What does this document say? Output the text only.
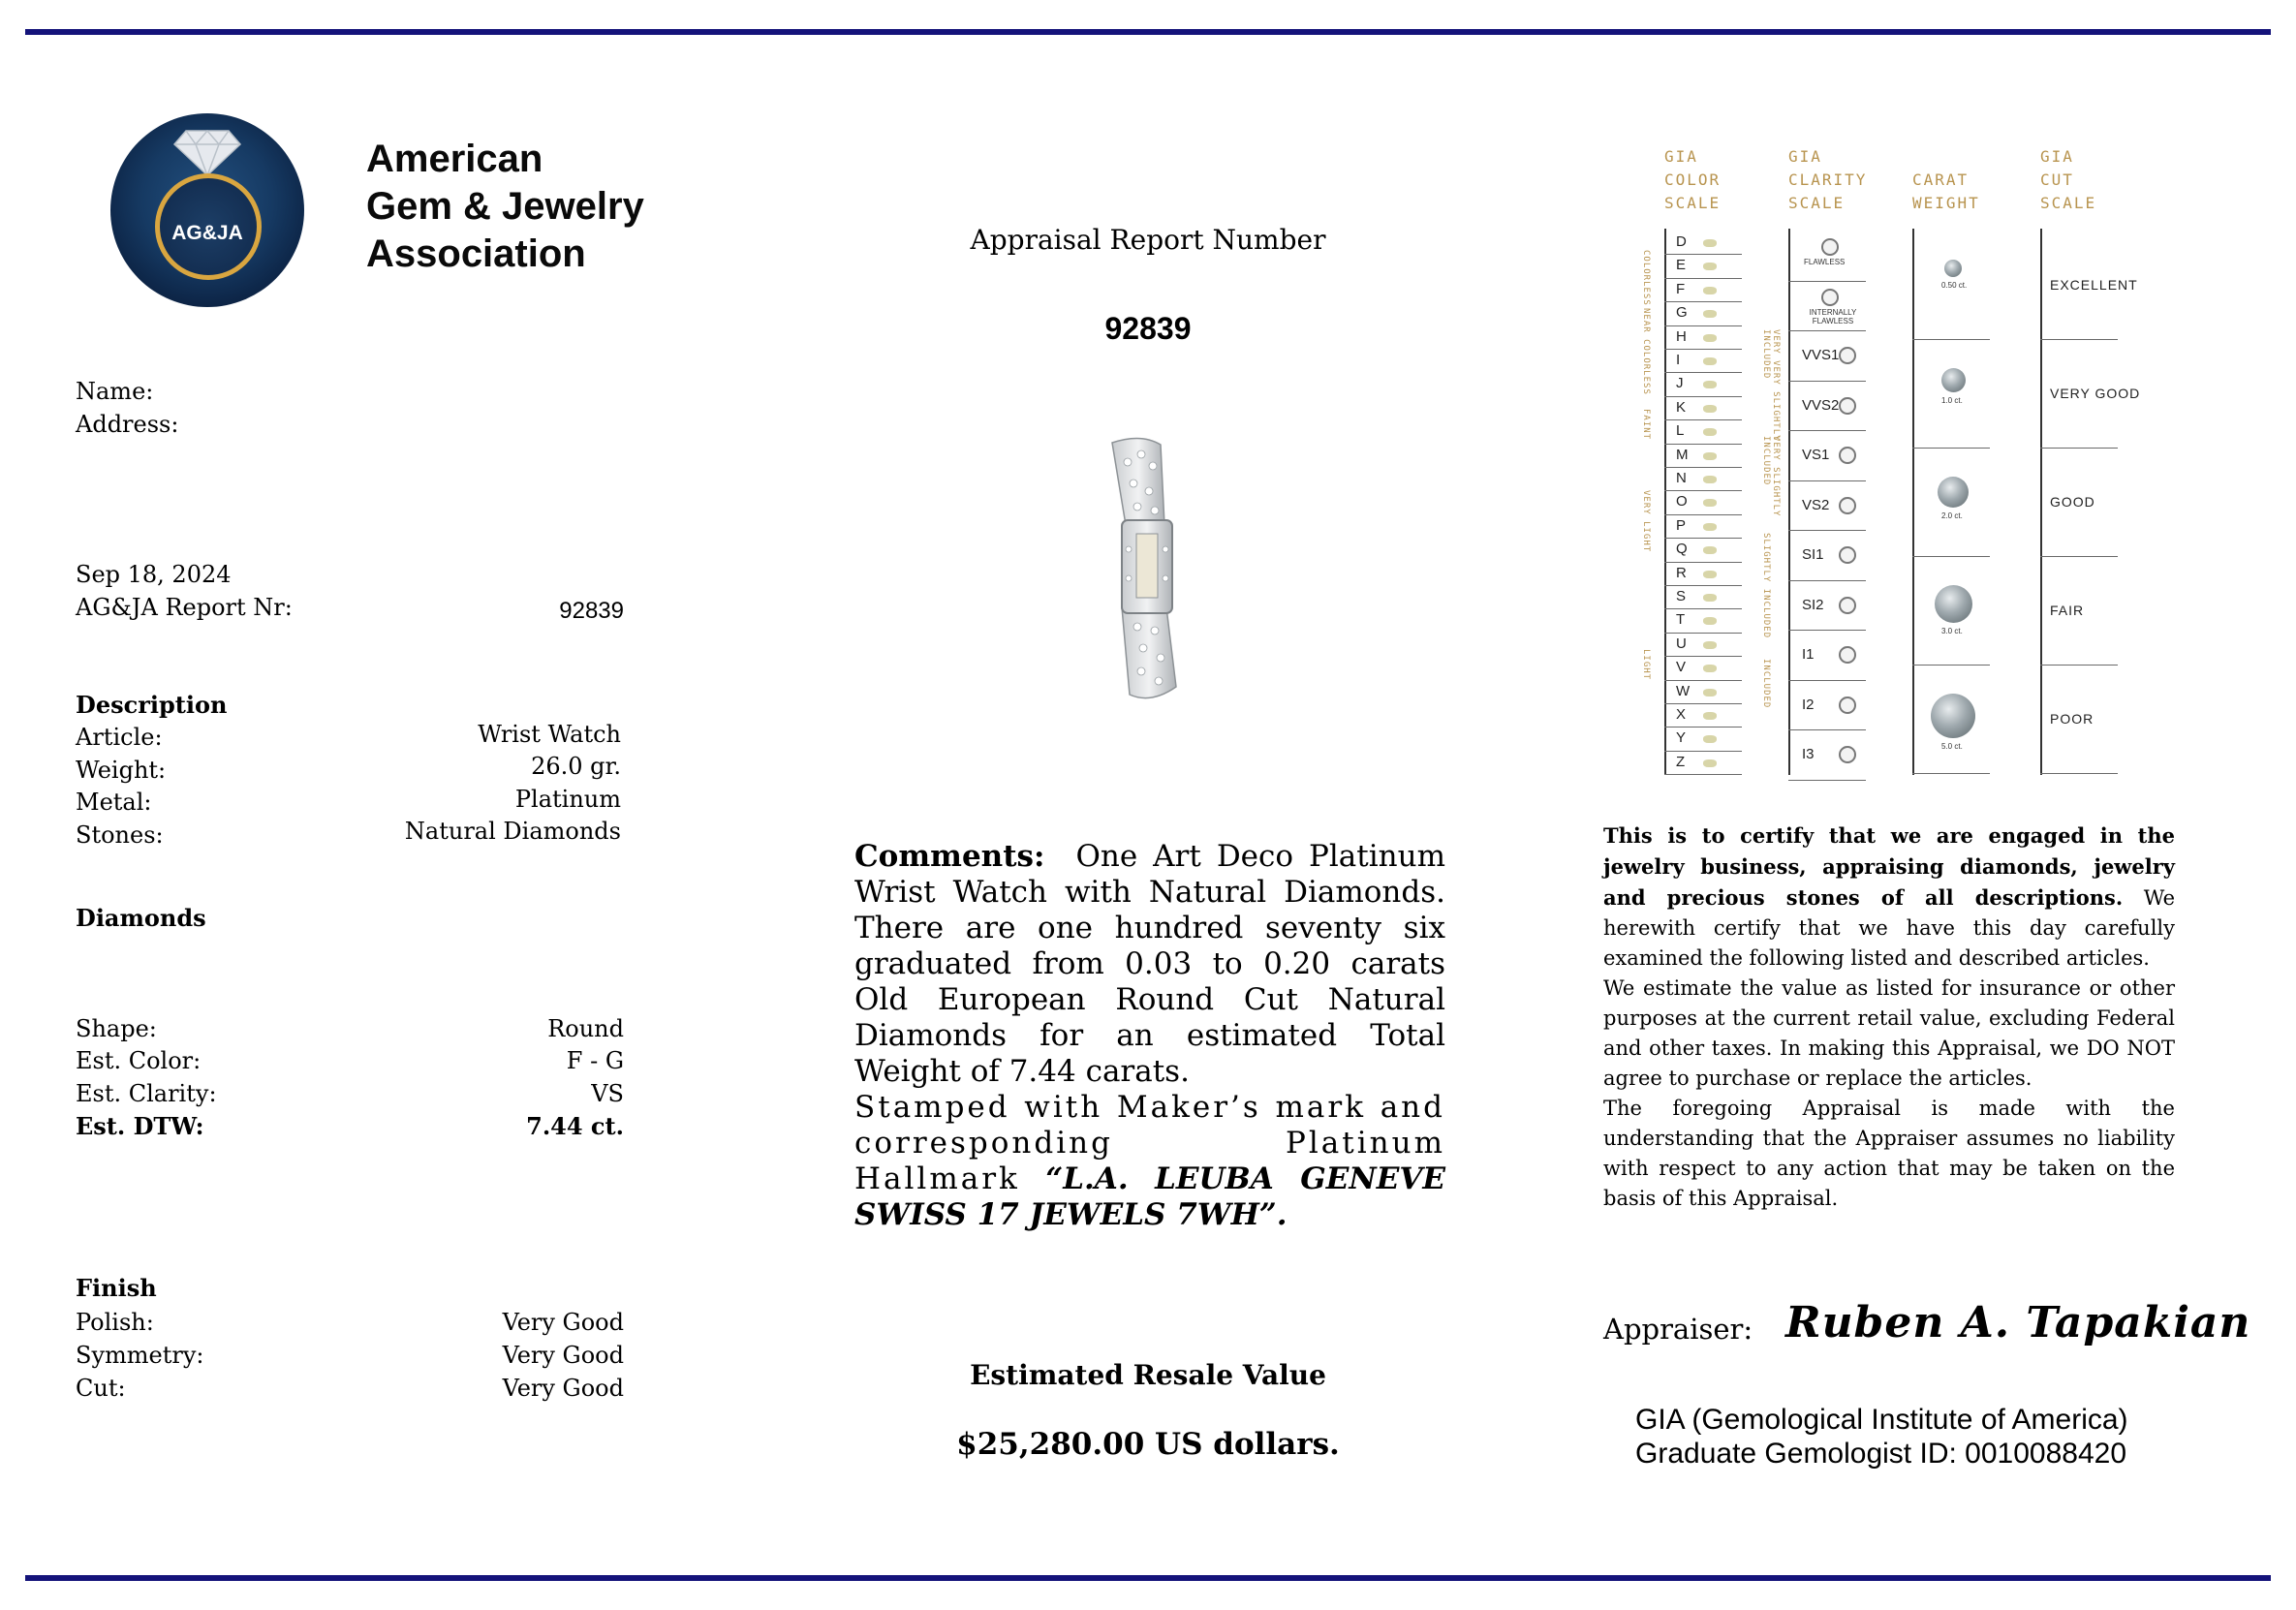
AG&JA
American
Gem & Jewelry
Association
Name:
Address:
Sep 18, 2024
AG&JA Report Nr:	92839
Description
Article:	Wrist Watch
Weight:	26.0 gr.
Metal:	Platinum
Stones:	Natural Diamonds
Diamonds
Shape:	Round
Est. Color:	F - G
Est. Clarity:	VS
Est. DTW:	7.44 ct.
Finish
Polish:	Very Good
Symmetry:	Very Good
Cut:	Very Good
Appraisal Report Number
92839
Comments: One Art Deco Platinum Wrist Watch with Natural Diamonds. There are one hundred seventy six graduated from 0.03 to 0.20 carats Old European Round Cut Natural Diamonds for an estimated Total Weight of 7.44 carats.
Stamped with Maker’s mark and corresponding Platinum Hallmark “L.A. LEUBA GENEVE SWISS 17 JEWELS 7WH”.
Estimated Resale Value
$25,280.00 US dollars.
GIA
COLOR
SCALE
GIA
CLARITY
SCALE
CARAT
WEIGHT
GIA
CUT
SCALE
D
E
F
G
H
I
J
K
L
M
N
O
P
Q
R
S
T
U
V
W
X
Y
Z
COLORLESS
NEAR COLORLESS
FAINT
VERY LIGHT
LIGHT
VVS1
VVS2
VS1
VS2
SI1
SI2
I1
I2
I3
FLAWLESS
INTERNALLY FLAWLESS
VERY VERY SLIGHTLY INCLUDED
VERY SLIGHTLY INCLUDED
SLIGHTLY INCLUDED
INCLUDED
0.50 ct.
1.0 ct.
2.0 ct.
3.0 ct.
5.0 ct.
EXCELLENT
VERY GOOD
GOOD
FAIR
POOR
This is to certify that we are engaged in the jewelry business, appraising diamonds, jewelry and precious stones of all descriptions. We herewith certify that we have this day carefully examined the following listed and described articles.
We estimate the value as listed for insurance or other purposes at the current retail value, excluding Federal and other taxes. In making this Appraisal, we DO NOT agree to purchase or replace the articles.
The foregoing Appraisal is made with the understanding that the Appraiser assumes no liability with respect to any action that may be taken on the basis of this Appraisal.
Appraiser: Ruben A. Tapakian
GIA (Gemological Institute of America)
Graduate Gemologist ID: 0010088420
